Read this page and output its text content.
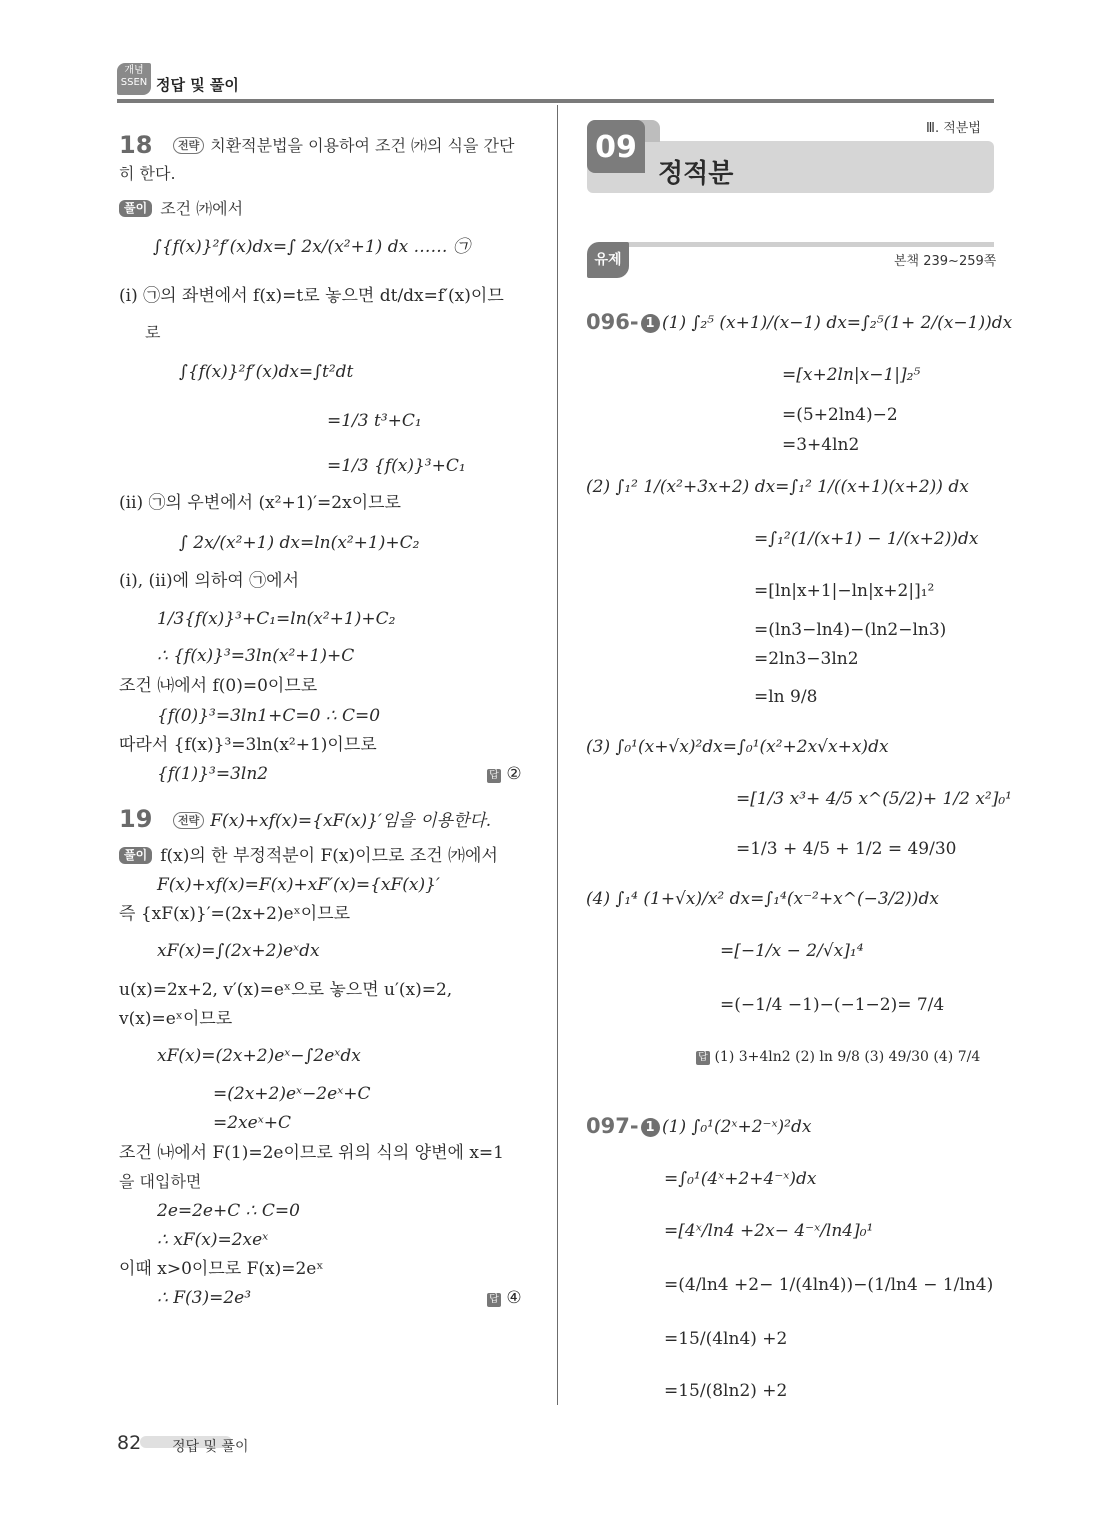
개념
SSEN 정답 및 풀이
18	전략 치환적분법을 이용하여 조건 ㈎의 식을 간단
히 한다.
풀이 조건 ㈎에서
∫{f(x)}²f′(x)dx=∫ 2x/(x²+1) dx …… ㉠
(ⅰ) ㉠의 좌변에서 f(x)=t로 놓으면 dt/dx=f′(x)이므
로
∫{f(x)}²f′(x)dx=∫t²dt
=1/3 t³+C₁
=1/3 {f(x)}³+C₁
(ⅱ) ㉠의 우변에서 (x²+1)′=2x이므로
∫ 2x/(x²+1) dx=ln(x²+1)+C₂
(ⅰ), (ⅱ)에 의하여 ㉠에서
1/3{f(x)}³+C₁=ln(x²+1)+C₂
∴ {f(x)}³=3ln(x²+1)+C
조건 ㈏에서 f(0)=0이므로
{f(0)}³=3ln1+C=0 ∴ C=0
따라서 {f(x)}³=3ln(x²+1)이므로
{f(1)}³=3ln2	답 ②
19	전략 F(x)+xf(x)={xF(x)}′임을 이용한다.
풀이 f(x)의 한 부정적분이 F(x)이므로 조건 ㈎에서
F(x)+xf(x)=F(x)+xF′(x)={xF(x)}′
즉 {xF(x)}′=(2x+2)eˣ이므로
xF(x)=∫(2x+2)eˣdx
u(x)=2x+2, v′(x)=eˣ으로 놓으면 u′(x)=2,
v(x)=eˣ이므로
xF(x)=(2x+2)eˣ−∫2eˣdx
=(2x+2)eˣ−2eˣ+C
=2xeˣ+C
조건 ㈏에서 F(1)=2e이므로 위의 식의 양변에 x=1
을 대입하면
2e=2e+C ∴ C=0
∴ xF(x)=2xeˣ
이때 x>0이므로 F(x)=2eˣ
∴ F(3)=2e³	답 ④
Ⅲ. 적분법
09
정적분
유제	본책 239~259쪽
096- 1 (1) ∫₂⁵ (x+1)/(x−1) dx=∫₂⁵(1+ 2/(x−1))dx
=[x+2ln|x−1|]₂⁵
=(5+2ln4)−2
=3+4ln2
(2) ∫₁² 1/(x²+3x+2) dx=∫₁² 1/((x+1)(x+2)) dx
=∫₁²(1/(x+1) − 1/(x+2))dx
=[ln|x+1|−ln|x+2|]₁²
=(ln3−ln4)−(ln2−ln3)
=2ln3−3ln2
=ln 9/8
(3) ∫₀¹(x+√x)²dx=∫₀¹(x²+2x√x+x)dx
=[1/3 x³+ 4/5 x^(5/2)+ 1/2 x²]₀¹
=1/3 + 4/5 + 1/2 = 49/30
(4) ∫₁⁴ (1+√x)/x² dx=∫₁⁴(x⁻²+x^(−3/2))dx
=[−1/x − 2/√x]₁⁴
=(−1/4 −1)−(−1−2)= 7/4
답 (1) 3+4ln2 (2) ln 9/8 (3) 49/30 (4) 7/4
097- 1 (1) ∫₀¹(2ˣ+2⁻ˣ)²dx
=∫₀¹(4ˣ+2+4⁻ˣ)dx
=[4ˣ/ln4 +2x− 4⁻ˣ/ln4]₀¹
=(4/ln4 +2− 1/(4ln4))−(1/ln4 − 1/ln4)
=15/(4ln4) +2
=15/(8ln2) +2
82 정답 및 풀이
